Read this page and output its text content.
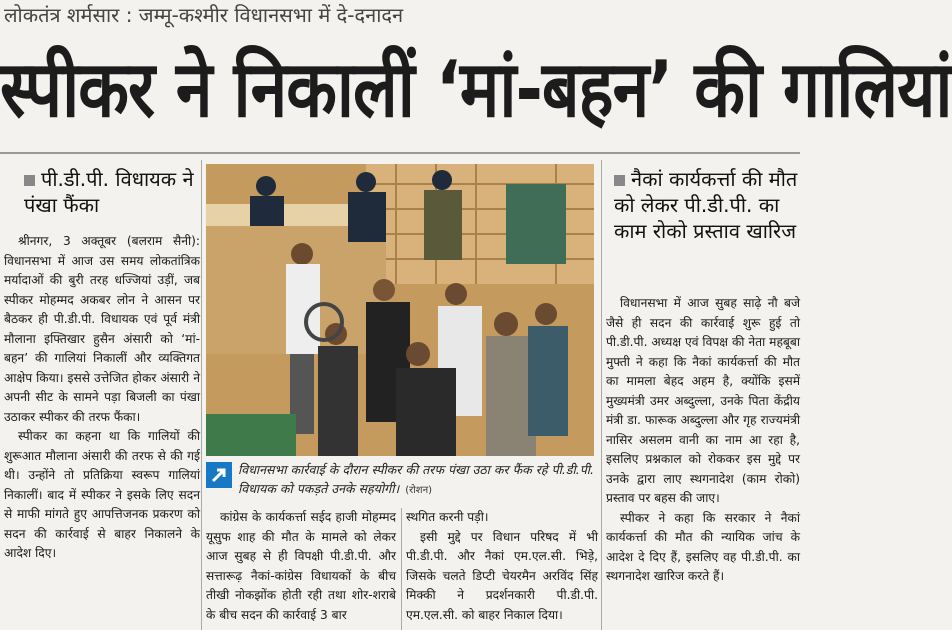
लोकतंत्र शर्मसार : जम्मू-कश्मीर विधानसभा में दे-दनादन
स्पीकर ने निकालीं ‘मां-बहन’ की गालियां
पी.डी.पी. विधायक ने पंखा फैंका

श्रीनगर, 3 अक्तूबर (बलराम सैनी): विधानसभा में आज उस समय लोकतांत्रिक मर्यादाओं की बुरी तरह धज्जियां उड़ीं, जब स्पीकर मोहम्मद अकबर लोन ने आसन पर बैठकर ही पी.डी.पी. विधायक एवं पूर्व मंत्री मौलाना इफ्तिखार हुसैन अंसारी को ‘मां-बहन’ की गालियां निकालीं और व्यक्तिगत आक्षेप किया। इससे उत्तेजित होकर अंसारी ने अपनी सीट के सामने पड़ा बिजली का पंखा उठाकर स्पीकर की तरफ फैंका।

स्पीकर का कहना था कि गालियों की शुरूआत मौलाना अंसारी की तरफ से की गई थी। उन्होंने तो प्रतिक्रिया स्वरूप गालियां निकालीं। बाद में स्पीकर ने इसके लिए सदन से माफी मांगते हुए आपत्तिजनक प्रकरण को सदन की कार्रवाई से बाहर निकालने के आदेश दिए।

विधानसभा कार्रवाई के दौरान स्पीकर की तरफ पंखा उठा कर फैंक रहे पी.डी.पी. विधायक को पकड़ते उनके सहयोगी। (रोशन)

कांग्रेस के कार्यकर्त्ता सईद हाजी मोहम्मद यूसुफ शाह की मौत के मामले को लेकर आज सुबह से ही विपक्षी पी.डी.पी. और सत्तारूढ़ नैकां-कांग्रेस विधायकों के बीच तीखी नोकझोंक होती रही तथा शोर-शराबे के बीच सदन की कार्रवाई 3 बार

स्थगित करनी पड़ी।

इसी मुद्दे पर विधान परिषद में भी पी.डी.पी. और नैकां एम.एल.सी. भिड़े, जिसके चलते डिप्टी चेयरमैन अरविंद सिंह मिक्की ने प्रदर्शनकारी पी.डी.पी. एम.एल.सी. को बाहर निकाल दिया।

नैकां कार्यकर्त्ता की मौत को लेकर पी.डी.पी. का काम रोको प्रस्ताव खारिज

विधानसभा में आज सुबह साढ़े नौ बजे जैसे ही सदन की कार्रवाई शुरू हुई तो पी.डी.पी. अध्यक्ष एवं विपक्ष की नेता महबूबा मुफ्ती ने कहा कि नैकां कार्यकर्त्ता की मौत का मामला बेहद अहम है, क्योंकि इसमें मुख्यमंत्री उमर अब्दुल्ला, उनके पिता केंद्रीय मंत्री डा. फारूक अब्दुल्ला और गृह राज्यमंत्री नासिर असलम वानी का नाम आ रहा है, इसलिए प्रश्नकाल को रोककर इस मुद्दे पर उनके द्वारा लाए स्थगनादेश (काम रोको) प्रस्ताव पर बहस की जाए।

स्पीकर ने कहा कि सरकार ने नैकां कार्यकर्त्ता की मौत की न्यायिक जांच के आदेश दे दिए हैं, इसलिए वह पी.डी.पी. का स्थगनादेश खारिज करते हैं।
